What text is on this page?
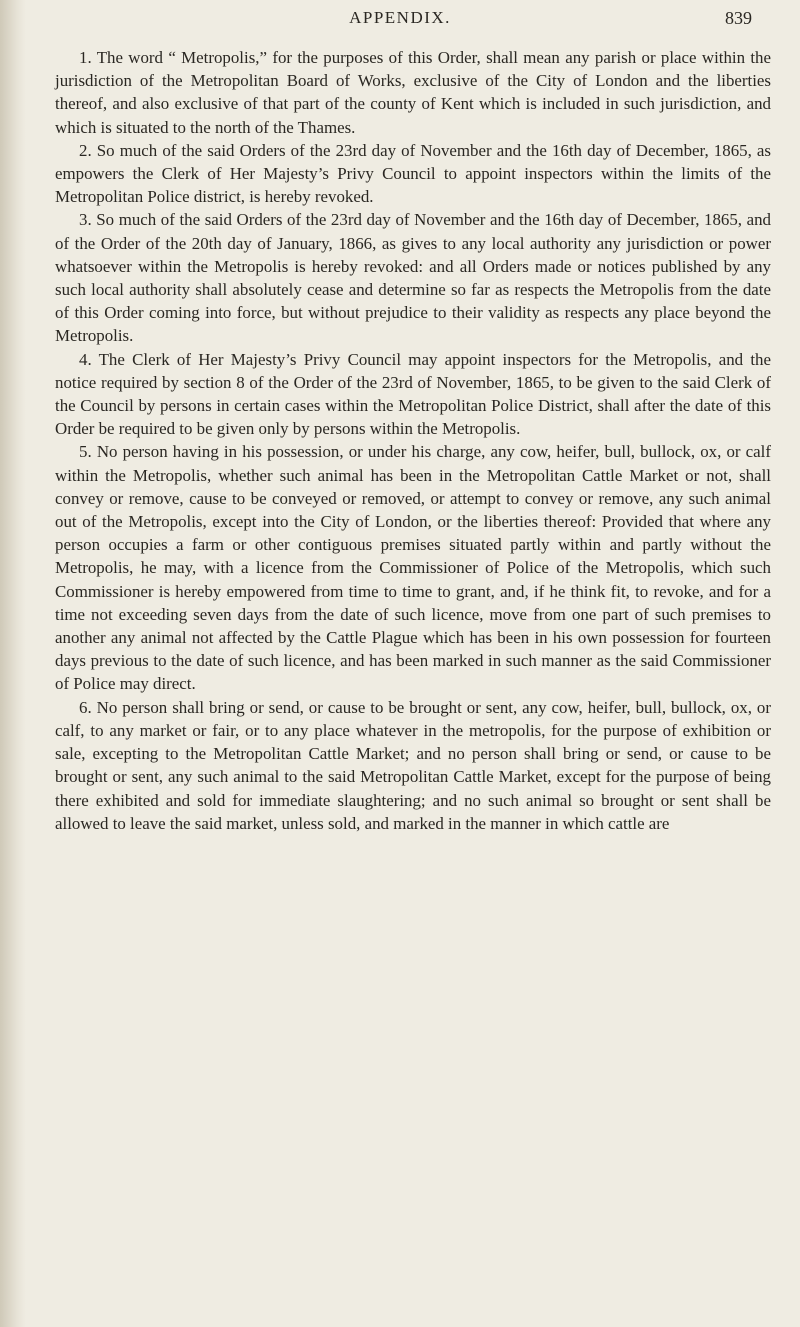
APPENDIX.	839

1. The word “ Metropolis,” for the purposes of this Order, shall mean any parish or place within the jurisdiction of the Metropolitan Board of Works, exclusive of the City of London and the liberties thereof, and also exclusive of that part of the county of Kent which is included in such jurisdiction, and which is situated to the north of the Thames.

2. So much of the said Orders of the 23rd day of November and the 16th day of December, 1865, as empowers the Clerk of Her Majesty’s Privy Council to appoint inspectors within the limits of the Metropolitan Police district, is hereby revoked.

3. So much of the said Orders of the 23rd day of November and the 16th day of December, 1865, and of the Order of the 20th day of January, 1866, as gives to any local authority any jurisdiction or power whatsoever within the Metropolis is hereby revoked: and all Orders made or notices published by any such local authority shall absolutely cease and determine so far as respects the Metropolis from the date of this Order coming into force, but without prejudice to their validity as respects any place beyond the Metropolis.

4. The Clerk of Her Majesty’s Privy Council may appoint inspectors for the Metropolis, and the notice required by section 8 of the Order of the 23rd of November, 1865, to be given to the said Clerk of the Council by persons in certain cases within the Metropolitan Police District, shall after the date of this Order be required to be given only by persons within the Metropolis.

5. No person having in his possession, or under his charge, any cow, heifer, bull, bullock, ox, or calf within the Metropolis, whether such animal has been in the Metropolitan Cattle Market or not, shall convey or remove, cause to be conveyed or removed, or attempt to convey or remove, any such animal out of the Metropolis, except into the City of London, or the liberties thereof: Provided that where any person occupies a farm or other contiguous premises situated partly within and partly without the Metropolis, he may, with a licence from the Commissioner of Police of the Metropolis, which such Commissioner is hereby empowered from time to time to grant, and, if he think fit, to revoke, and for a time not exceeding seven days from the date of such licence, move from one part of such premises to another any animal not affected by the Cattle Plague which has been in his own possession for fourteen days previous to the date of such licence, and has been marked in such manner as the said Commissioner of Police may direct.

6. No person shall bring or send, or cause to be brought or sent, any cow, heifer, bull, bullock, ox, or calf, to any market or fair, or to any place whatever in the metropolis, for the purpose of exhibition or sale, excepting to the Metropolitan Cattle Market; and no person shall bring or send, or cause to be brought or sent, any such animal to the said Metropolitan Cattle Market, except for the purpose of being there exhibited and sold for immediate slaughtering; and no such animal so brought or sent shall be allowed to leave the said market, unless sold, and marked in the manner in which cattle are
